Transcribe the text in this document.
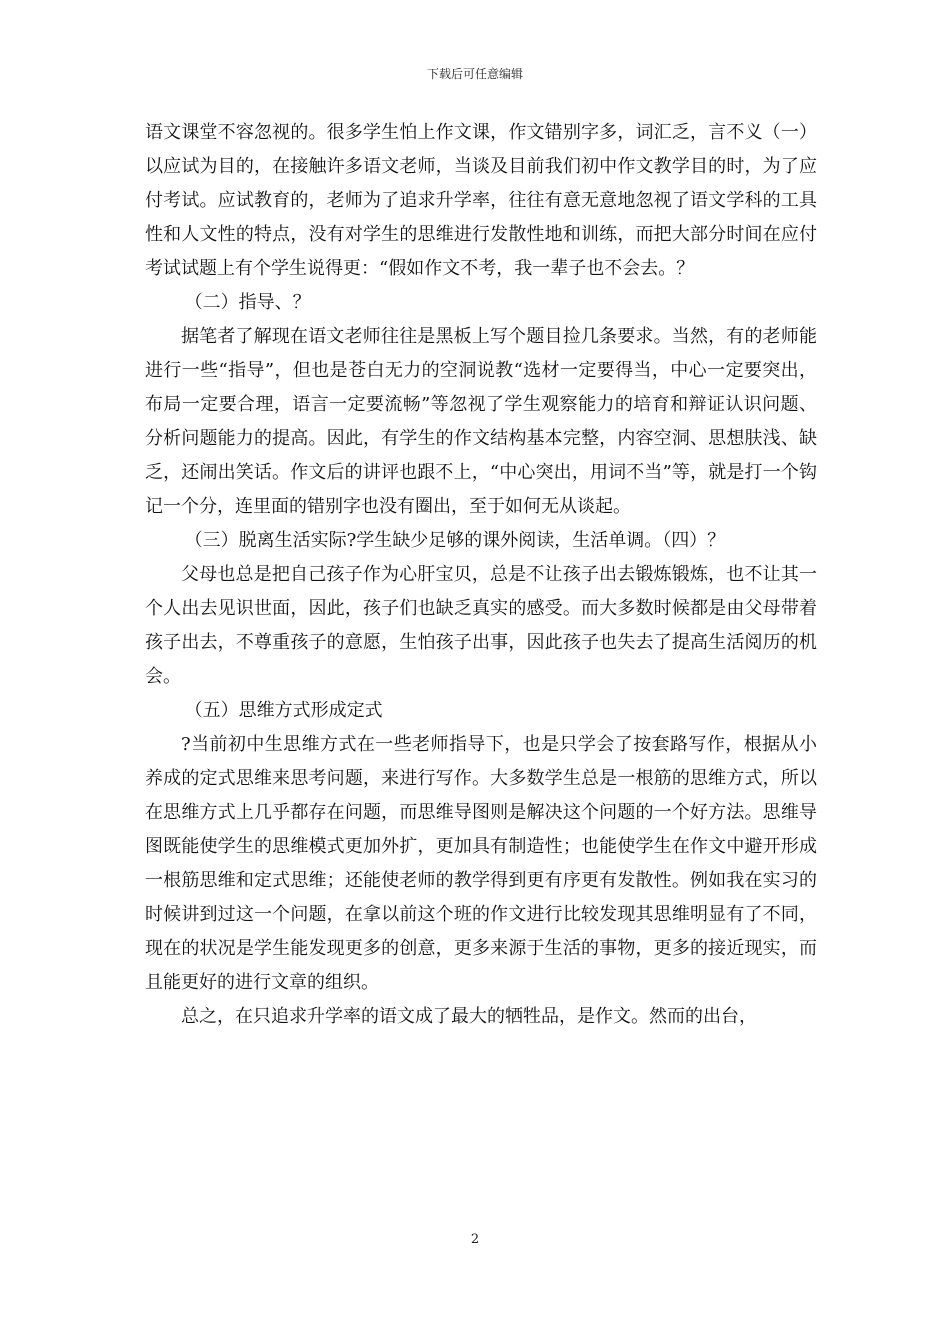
下载后可任意编辑

语文课堂不容忽视的。很多学生怕上作文课，作文错别字多，词汇乏，言不义（一）以应试为目的，在接触许多语文老师，当谈及目前我们初中作文教学目的时，为了应付考试。应试教育的，老师为了追求升学率，往往有意无意地忽视了语文学科的工具性和人文性的特点，没有对学生的思维进行发散性地和训练，而把大部分时间在应付考试试题上有个学生说得更：“假如作文不考，我一辈子也不会去。？

（二）指导、？

据笔者了解现在语文老师往往是黑板上写个题目捡几条要求。当然，有的老师能进行一些“指导”，但也是苍白无力的空洞说教“选材一定要得当，中心一定要突出，布局一定要合理，语言一定要流畅”等忽视了学生观察能力的培育和辩证认识问题、分析问题能力的提高。因此，有学生的作文结构基本完整，内容空洞、思想肤浅、缺乏，还闹出笑话。作文后的讲评也跟不上，“中心突出，用词不当”等，就是打一个钩记一个分，连里面的错别字也没有圈出，至于如何无从谈起。

（三）脱离生活实际?学生缺少足够的课外阅读，生活单调。（四）？

父母也总是把自己孩子作为心肝宝贝，总是不让孩子出去锻炼锻炼，也不让其一个人出去见识世面，因此，孩子们也缺乏真实的感受。而大多数时候都是由父母带着孩子出去，不尊重孩子的意愿，生怕孩子出事，因此孩子也失去了提高生活阅历的机会。

（五）思维方式形成定式

?当前初中生思维方式在一些老师指导下，也是只学会了按套路写作，根据从小养成的定式思维来思考问题，来进行写作。大多数学生总是一根筋的思维方式，所以在思维方式上几乎都存在问题，而思维导图则是解决这个问题的一个好方法。思维导图既能使学生的思维模式更加外扩，更加具有制造性；也能使学生在作文中避开形成一根筋思维和定式思维；还能使老师的教学得到更有序更有发散性。例如我在实习的时候讲到过这一个问题，在拿以前这个班的作文进行比较发现其思维明显有了不同，现在的状况是学生能发现更多的创意，更多来源于生活的事物，更多的接近现实，而且能更好的进行文章的组织。

总之，在只追求升学率的语文成了最大的牺牲品，是作文。然而的出台，

2
